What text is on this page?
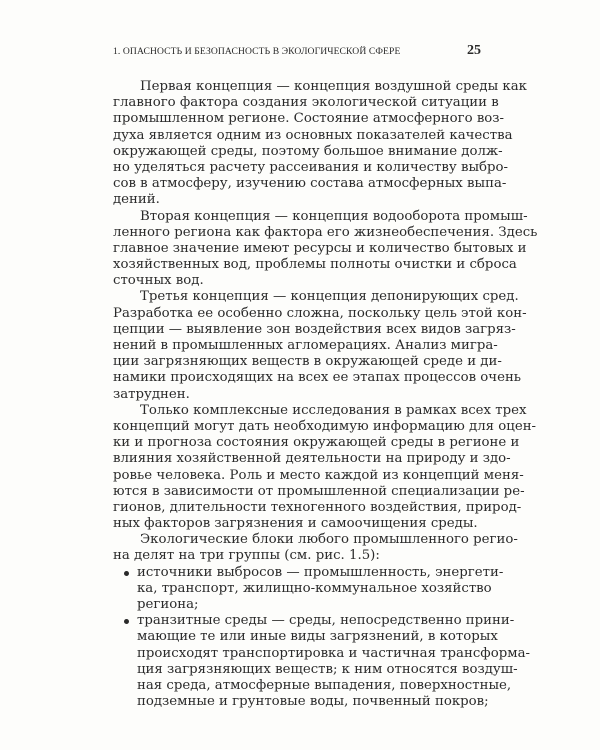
1. ОПАСНОСТЬ И БЕЗОПАСНОСТЬ В ЭКОЛОГИЧЕСКОЙ СФЕРЕ	25
Первая концепция — концепция воздушной среды как
главного фактора создания экологической ситуации в
промышленном регионе. Состояние атмосферного воз-
духа является одним из основных показателей качества
окружающей среды, поэтому большое внимание долж-
но уделяться расчету рассеивания и количеству выбро-
сов в атмосферу, изучению состава атмосферных выпа-
дений.
Вторая концепция — концепция водооборота промыш-
ленного региона как фактора его жизнеобеспечения. Здесь
главное значение имеют ресурсы и количество бытовых и
хозяйственных вод, проблемы полноты очистки и сброса
сточных вод.
Третья концепция — концепция депонирующих сред.
Разработка ее особенно сложна, поскольку цель этой кон-
цепции — выявление зон воздействия всех видов загряз-
нений в промышленных агломерациях. Анализ мигра-
ции загрязняющих веществ в окружающей среде и ди-
намики происходящих на всех ее этапах процессов очень
затруднен.
Только комплексные исследования в рамках всех трех
концепций могут дать необходимую информацию для оцен-
ки и прогноза состояния окружающей среды в регионе и
влияния хозяйственной деятельности на природу и здо-
ровье человека. Роль и место каждой из концепций меня-
ются в зависимости от промышленной специализации ре-
гионов, длительности техногенного воздействия, природ-
ных факторов загрязнения и самоочищения среды.
Экологические блоки любого промышленного регио-
на делят на три группы (см. рис. 1.5):
источники выбросов — промышленность, энергети-
ка, транспорт, жилищно-коммунальное хозяйство
региона;
транзитные среды — среды, непосредственно прини-
мающие те или иные виды загрязнений, в которых
происходят транспортировка и частичная трансформа-
ция загрязняющих веществ; к ним относятся воздуш-
ная среда, атмосферные выпадения, поверхностные,
подземные и грунтовые воды, почвенный покров;
